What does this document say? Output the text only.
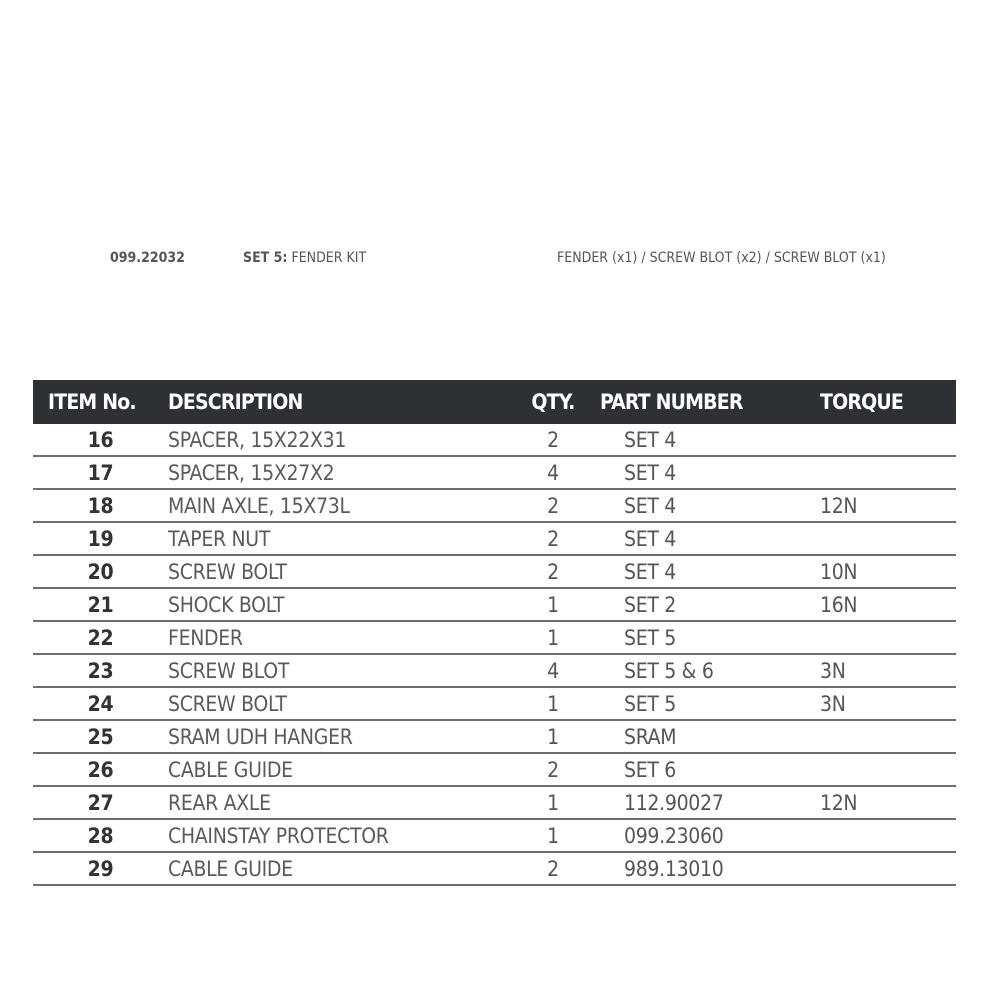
099.22032	SET 5: FENDER KIT	FENDER (x1) / SCREW BLOT (x2) / SCREW BLOT (x1)
ITEM No.	DESCRIPTION	QTY.	PART NUMBER	TORQUE
16	SPACER, 15X22X31	2	SET 4	
17	SPACER, 15X27X2	4	SET 4	
18	MAIN AXLE, 15X73L	2	SET 4	12N
19	TAPER NUT	2	SET 4	
20	SCREW BOLT	2	SET 4	10N
21	SHOCK BOLT	1	SET 2	16N
22	FENDER	1	SET 5	
23	SCREW BLOT	4	SET 5 & 6	3N
24	SCREW BOLT	1	SET 5	3N
25	SRAM UDH HANGER	1	SRAM	
26	CABLE GUIDE	2	SET 6	
27	REAR AXLE	1	112.90027	12N
28	CHAINSTAY PROTECTOR	1	099.23060	
29	CABLE GUIDE	2	989.13010	
